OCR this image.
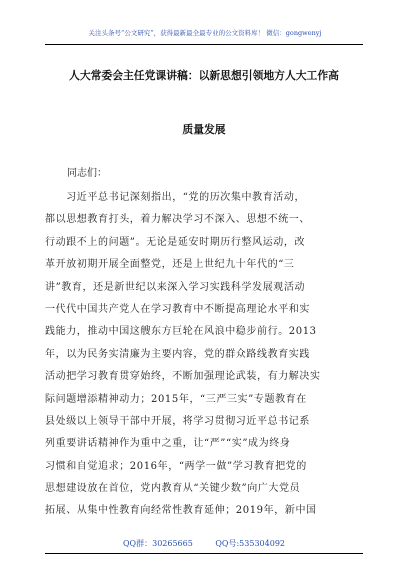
关注头条号“公文研究”，获得最新最全最专业的公文资料库！ 微信：gongwenyj
人大常委会主任党课讲稿：以新思想引领地方人大工作高
质量发展
同志们：
　　习近平总书记深刻指出，“党的历次集中教育活动，
都以思想教育打头，着力解决学习不深入、思想不统一、
行动跟不上的问题”。无论是延安时期历行整风运动，改
革开放初期开展全面整党，还是上世纪九十年代的“三
讲”教育，还是新世纪以来深入学习实践科学发展观活动
一代代中国共产党人在学习教育中不断提高理论水平和实
践能力，推动中国这艘东方巨轮在风浪中稳步前行。2013
年，以为民务实清廉为主要内容，党的群众路线教育实践
活动把学习教育贯穿始终，不断加强理论武装，有力解决实
际问题增添精神动力；2015年，“三严三实”专题教育在
县处级以上领导干部中开展，将学习贯彻习近平总书记系
列重要讲话精神作为重中之重，让“严”“实”成为终身
习惯和自觉追求；2016年，“两学一做”学习教育把党的
思想建设放在首位，党内教育从“关键少数”向广大党员
拓展、从集中性教育向经常性教育延伸；2019年，新中国
QQ群：30265665	QQ号:535304092
